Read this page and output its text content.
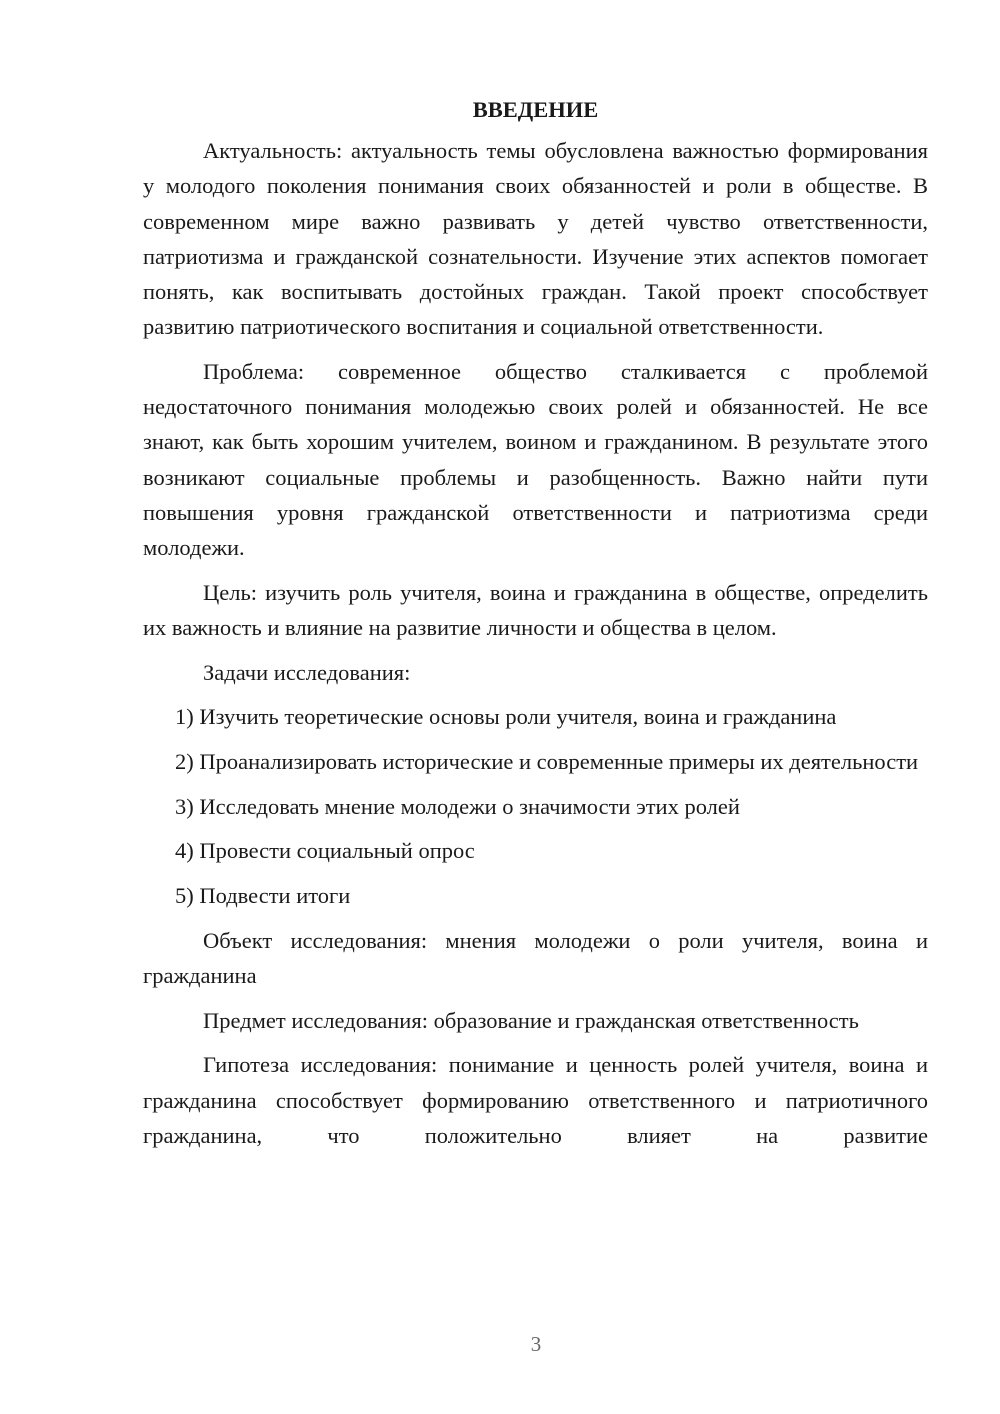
ВВЕДЕНИЕ

Актуальность: актуальность темы обусловлена важностью формирования у молодого поколения понимания своих обязанностей и роли в обществе. В современном мире важно развивать у детей чувство ответственности, патриотизма и гражданской сознательности. Изучение этих аспектов помогает понять, как воспитывать достойных граждан. Такой проект способствует развитию патриотического воспитания и социальной ответственности.

Проблема: современное общество сталкивается с проблемой недостаточного понимания молодежью своих ролей и обязанностей. Не все знают, как быть хорошим учителем, воином и гражданином. В результате этого возникают социальные проблемы и разобщенность. Важно найти пути повышения уровня гражданской ответственности и патриотизма среди молодежи.

Цель: изучить роль учителя, воина и гражданина в обществе, определить их важность и влияние на развитие личности и общества в целом.

Задачи исследования:

1) Изучить теоретические основы роли учителя, воина и гражданина

2) Проанализировать исторические и современные примеры их деятельности

3) Исследовать мнение молодежи о значимости этих ролей

4) Провести социальный опрос

5) Подвести итоги

Объект исследования: мнения молодежи о роли учителя, воина и гражданина

Предмет исследования: образование и гражданская ответственность

Гипотеза исследования: понимание и ценность ролей учителя, воина и гражданина способствует формированию ответственного и патриотичного гражданина, что положительно влияет на развитие

3
